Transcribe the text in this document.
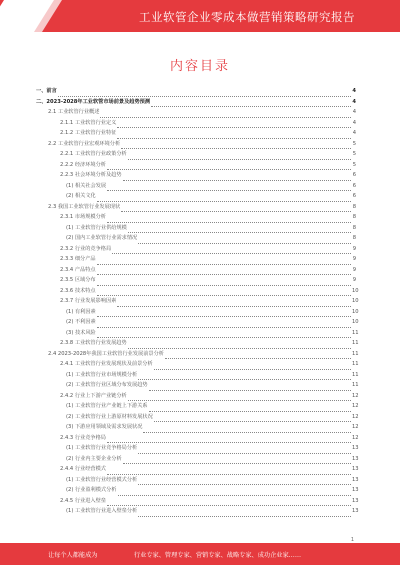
工业软管企业零成本做营销策略研究报告
内容目录
一、前言	4
二、2023-2028年工业软管市场前景及趋势预测	4
2.1 工业软管行业概述	4
2.1.1 工业软管行业定义	4
2.1.2 工业软管行业特征	4
2.2 工业软管行业宏观环境分析	5
2.2.1 工业软管行业政策分析	5
2.2.2 经济环境分析	5
2.2.3 社会环境分析及趋势	6
(1) 相关社会发展	6
(2) 相关文化	6
2.3 我国工业软管行业发展现状	8
2.3.1 市场规模分析	8
(1) 工业软管行业供给规模	8
(2) 国内工业软管行业需求情况	8
2.3.2 行业的竞争格局	9
2.3.3 细分产品	9
2.3.4 产品特点	9
2.3.5 区域分布	9
2.3.6 技术特点	10
2.3.7 行业发展影响因素	10
(1) 有利因素	10
(2) 不利因素	10
(3) 技术风险	11
2.3.8 工业软管行业发展趋势	11
2.4 2023-2028年我国工业软管行业发展前景分析	11
2.4.1 工业软管行业发展现状及前景分析	11
(1) 工业软管行业市场规模分析	11
(2) 工业软管行业区域分布发展趋势	11
2.4.2 行业上下游产业链分析	12
(1) 工业软管行业产业链上下游关系	12
(2) 工业软管行业上游原材料发展状况	12
(3) 下游应用领域及需求发展状况	12
2.4.3 行业竞争格局	12
(1) 工业软管行业竞争格局分析	13
(2) 行业内主要企业分析	13
2.4.4 行业经营模式	13
(1) 工业软管行业经营模式分析	13
(2) 行业盈利模式分析	13
2.4.5 行业进入壁垒	13
(1) 工业软管行业进入壁垒分析	13
1
让每个人都能成为	行业专家、管理专家、营销专家、战略专家、成功企业家……
